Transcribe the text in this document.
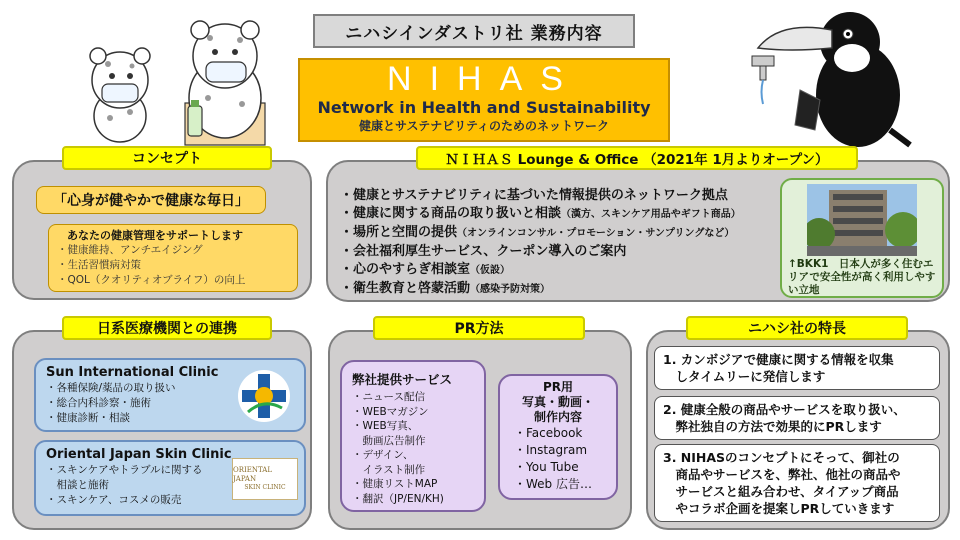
ニハシインダストリ社 業務内容
NIHAS
Network in Health and Sustainability
健康とサステナビリティのためのネットワーク
コンセプト
「心身が健やかで健康な毎日」
あなたの健康管理をサポートします
・健康維持、アンチエイジング
・生活習慣病対策
・QOL（クオリティオブライフ）の向上
ＮＩＨＡＳ Lounge & Office （2021年 1月よりオープン）
・健康とサステナビリティに基づいた情報提供のネットワーク拠点
・健康に関する商品の取り扱いと相談（漢方、スキンケア用品やギフト商品）
・場所と空間の提供（オンラインコンサル・プロモーション・サンプリングなど）
・会社福利厚生サービス、クーポン導入のご案内
・心のやすらぎ相談室（仮設）
・衛生教育と啓蒙活動（感染予防対策）
↑BKK1　日本人が多く住むエリアで安全性が高く利用しやすい立地
日系医療機関との連携
Sun International Clinic
・各種保険/薬品の取り扱い
・総合内科診察・施術
・健康診断・相談
Oriental Japan Skin Clinic
・スキンケアやトラブルに関する
　相談と施術
・スキンケア、コスメの販売
ORIENTAL JAPAN
SKIN CLINIC
PR方法
弊社提供サービス
・ニュース配信
・WEBマガジン
・WEB写真、
　動画広告制作
・デザイン、
　イラスト制作
・健康リストMAP
・翻訳（JP/EN/KH)
PR用
写真・動画・
制作内容
・Facebook
・Instagram
・You Tube
・Web 広告…
ニハシ社の特長
1. カンボジアで健康に関する情報を収集
　しタイムリーに発信します
2. 健康全般の商品やサービスを取り扱い、
　弊社独自の方法で効果的にPRします
3. NIHASのコンセプトにそって、御社の
　商品やサービスを、弊社、他社の商品や
　サービスと組み合わせ、タイアップ商品
　やコラボ企画を提案しPRしていきます
